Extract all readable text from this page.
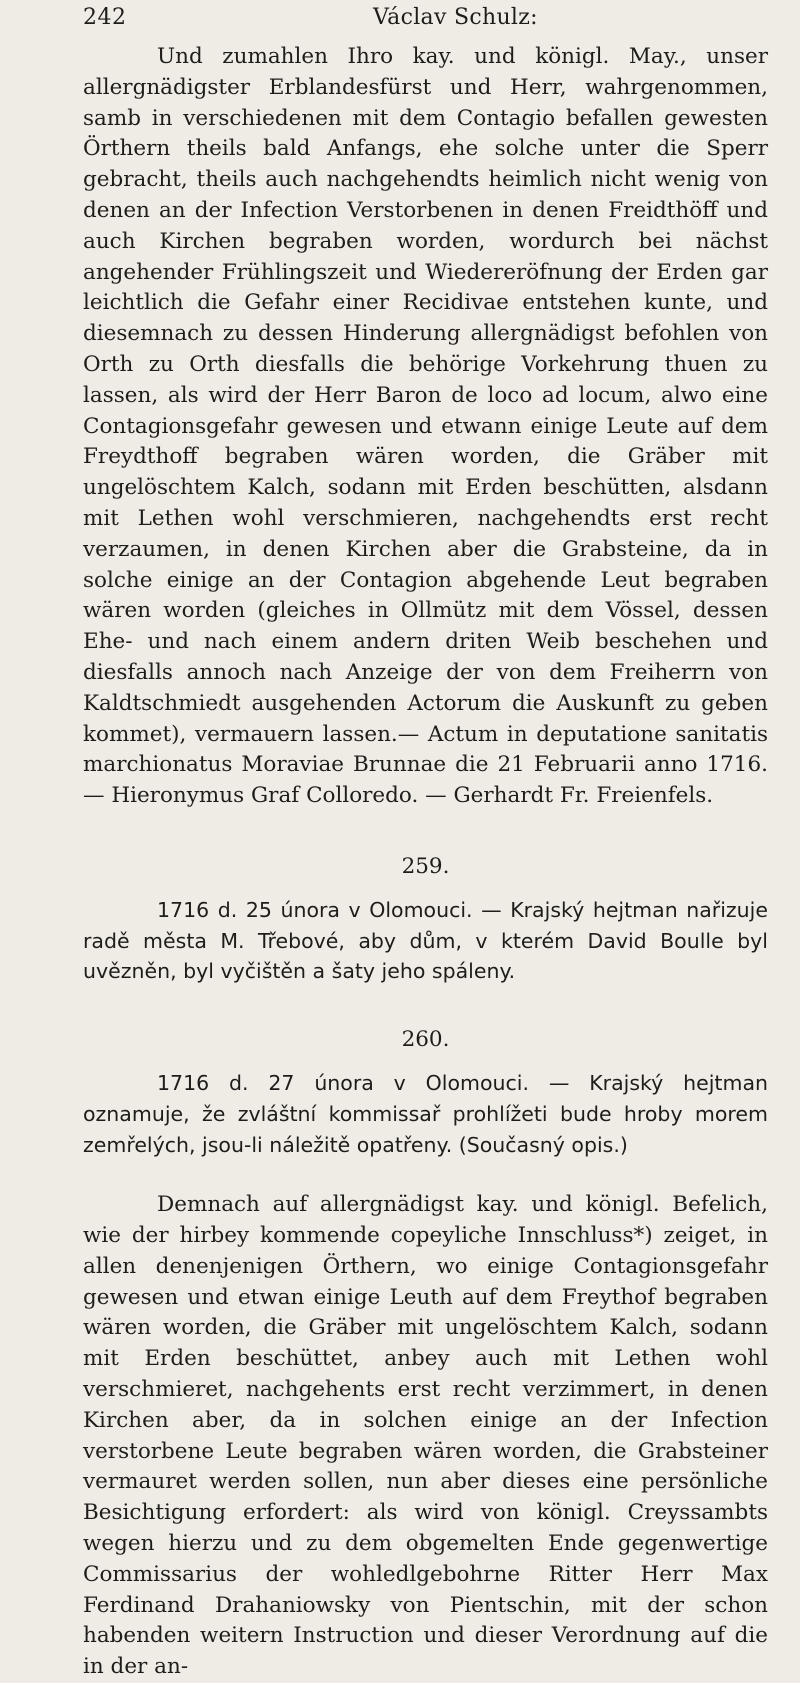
242	Václav Schulz:

Und zumahlen Ihro kay. und königl. May., unser allergnädigster Erblandesfürst und Herr, wahrgenommen, samb in verschiedenen mit dem Contagio befallen gewesten Örthern theils bald Anfangs, ehe solche unter die Sperr gebracht, theils auch nachgehendts heimlich nicht wenig von denen an der Infection Verstorbenen in denen Freidthöff und auch Kirchen begraben worden, wordurch bei nächst angehender Frühlingszeit und Wiedereröfnung der Erden gar leichtlich die Gefahr einer Recidivae entstehen kunte, und diesemnach zu dessen Hinderung allergnädigst befohlen von Orth zu Orth diesfalls die behörige Vorkehrung thuen zu lassen, als wird der Herr Baron de loco ad locum, alwo eine Contagionsgefahr gewesen und etwann einige Leute auf dem Freydthoff begraben wären worden, die Gräber mit ungelöschtem Kalch, sodann mit Erden beschütten, alsdann mit Lethen wohl verschmieren, nachgehendts erst recht verzaumen, in denen Kirchen aber die Grabsteine, da in solche einige an der Contagion abgehende Leut begraben wären worden (gleiches in Ollmütz mit dem Vössel, dessen Ehe- und nach einem andern driten Weib beschehen und diesfalls annoch nach Anzeige der von dem Freiherrn von Kaldtschmiedt ausgehenden Actorum die Auskunft zu geben kommet), vermauern lassen.— Actum in deputatione sanitatis marchionatus Moraviae Brunnae die 21 Februarii anno 1716. — Hieronymus Graf Colloredo. — Gerhardt Fr. Freienfels.

259.

1716 d. 25 února v Olomouci. — Krajský hejtman nařizuje radě města M. Třebové, aby dům, v kterém David Boulle byl uvězněn, byl vyčištěn a šaty jeho spáleny.

260.

1716 d. 27 února v Olomouci. — Krajský hejtman oznamuje, že zvláštní kommissař prohlížeti bude hroby morem zemřelých, jsou-li náležitě opatřeny. (Současný opis.)

Demnach auf allergnädigst kay. und königl. Befelich, wie der hirbey kommende copeyliche Innschluss*) zeiget, in allen denenjenigen Örthern, wo einige Contagionsgefahr gewesen und etwan einige Leuth auf dem Freythof begraben wären worden, die Gräber mit ungelöschtem Kalch, sodann mit Erden beschüttet, anbey auch mit Lethen wohl verschmieret, nachgehents erst recht verzimmert, in denen Kirchen aber, da in solchen einige an der Infection verstorbene Leute begraben wären worden, die Grabsteiner vermauret werden sollen, nun aber dieses eine persönliche Besichtigung erfordert: als wird von königl. Creyssambts wegen hierzu und zu dem obgemelten Ende gegenwertige Commissarius der wohledlgebohrne Ritter Herr Max Ferdinand Drahaniowsky von Pientschin, mit der schon habenden weitern Instruction und dieser Verordnung auf die in der an-
